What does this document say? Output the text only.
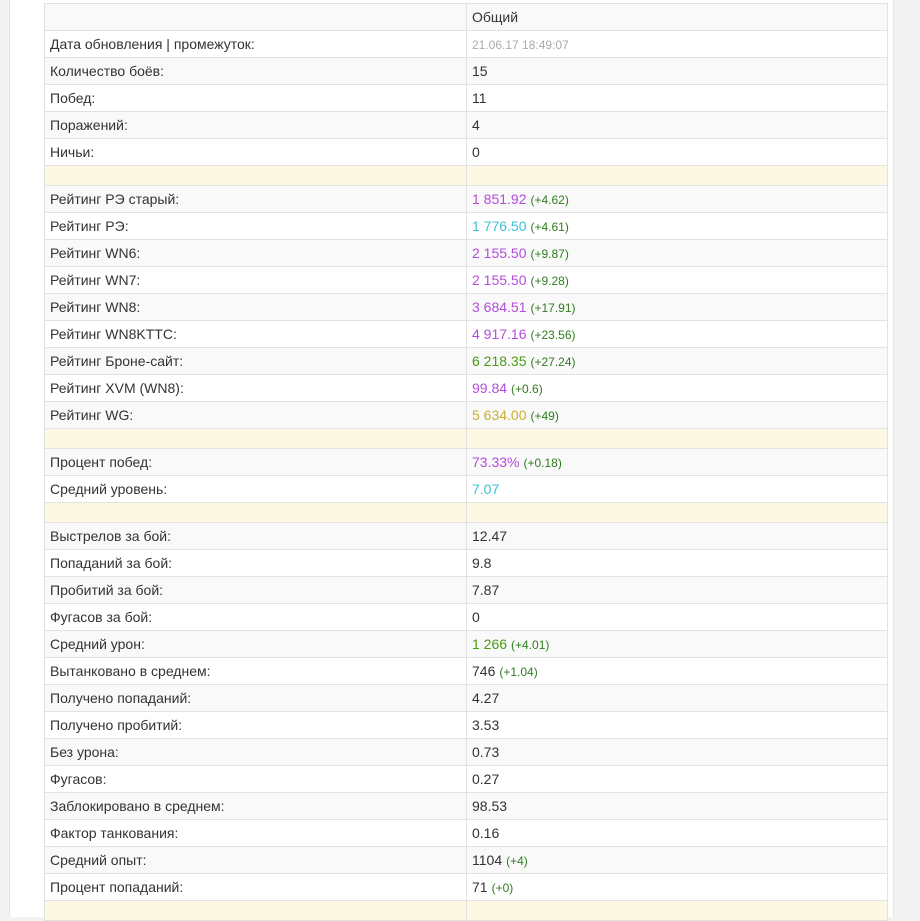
	Общий
Дата обновления | промежуток:	21.06.17 18:49:07
Количество боёв:	15
Побед:	11
Поражений:	4
Ничьи:	0

Рейтинг РЭ старый:	1 851.92 (+4.62)
Рейтинг РЭ:	1 776.50 (+4.61)
Рейтинг WN6:	2 155.50 (+9.87)
Рейтинг WN7:	2 155.50 (+9.28)
Рейтинг WN8:	3 684.51 (+17.91)
Рейтинг WN8KTTC:	4 917.16 (+23.56)
Рейтинг Броне-сайт:	6 218.35 (+27.24)
Рейтинг XVM (WN8):	99.84 (+0.6)
Рейтинг WG:	5 634.00 (+49)

Процент побед:	73.33% (+0.18)
Средний уровень:	7.07

Выстрелов за бой:	12.47
Попаданий за бой:	9.8
Пробитий за бой:	7.87
Фугасов за бой:	0
Средний урон:	1 266 (+4.01)
Вытанковано в среднем:	746 (+1.04)
Получено попаданий:	4.27
Получено пробитий:	3.53
Без урона:	0.73
Фугасов:	0.27
Заблокировано в среднем:	98.53
Фактор танкования:	0.16
Средний опыт:	1104 (+4)
Процент попаданий:	71 (+0)
